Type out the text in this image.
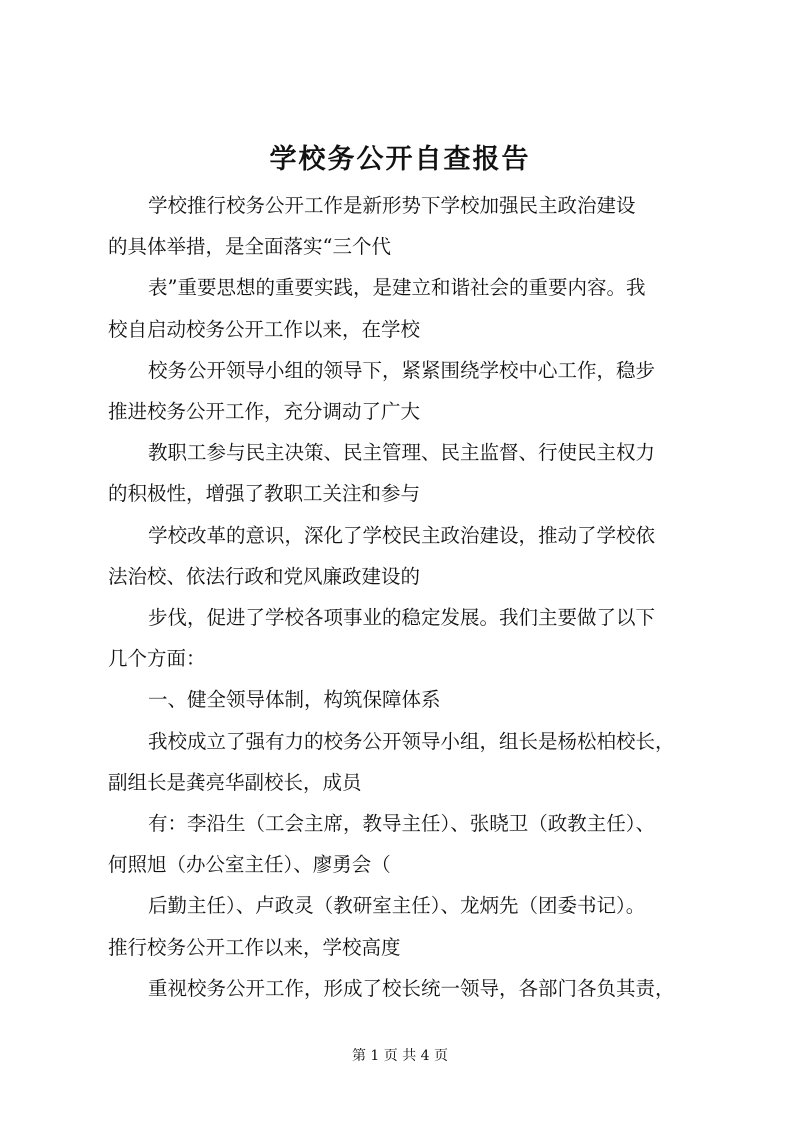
学校务公开自查报告
学校推行校务公开工作是新形势下学校加强民主政治建设
的具体举措，是全面落实“三个代
表”重要思想的重要实践，是建立和谐社会的重要内容。我
校自启动校务公开工作以来，在学校
校务公开领导小组的领导下，紧紧围绕学校中心工作，稳步
推进校务公开工作，充分调动了广大
教职工参与民主决策、民主管理、民主监督、行使民主权力
的积极性，增强了教职工关注和参与
学校改革的意识，深化了学校民主政治建设，推动了学校依
法治校、依法行政和党风廉政建设的
步伐，促进了学校各项事业的稳定发展。我们主要做了以下
几个方面：
一、健全领导体制，构筑保障体系
我校成立了强有力的校务公开领导小组，组长是杨松柏校长，
副组长是龚亮华副校长，成员
有：李沿生（工会主席，教导主任）、张晓卫（政教主任）、
何照旭（办公室主任）、廖勇会（
后勤主任）、卢政灵（教研室主任）、龙炳先（团委书记）。
推行校务公开工作以来，学校高度
重视校务公开工作，形成了校长统一领导，各部门各负其责，
第 1 页 共 4 页
